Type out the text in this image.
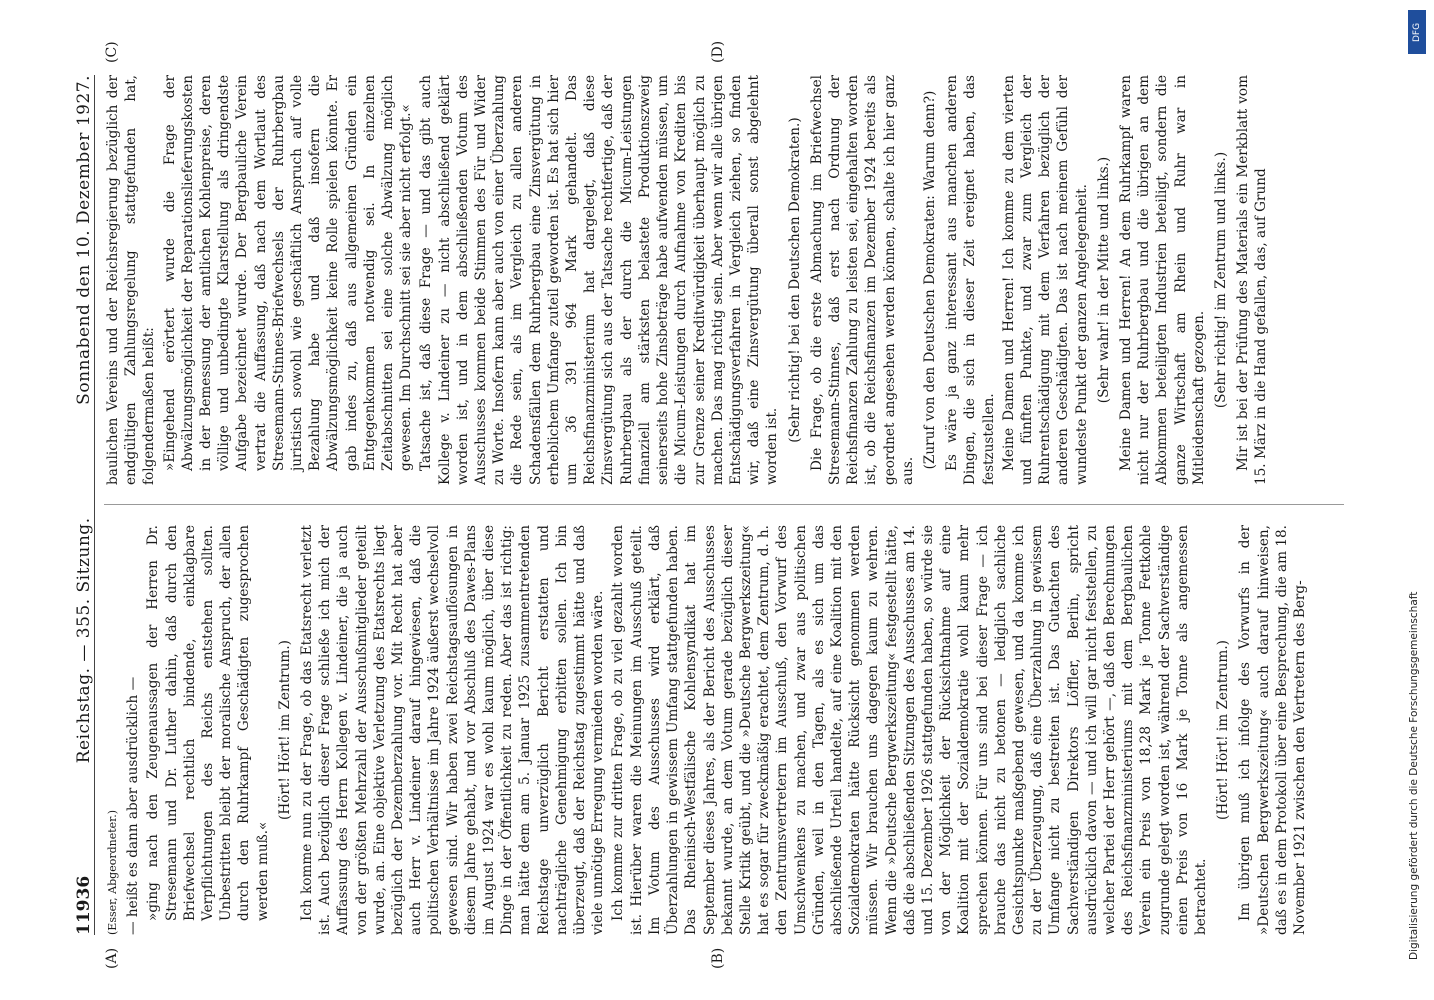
11936
Reichstag. — 355. Sitzung.
Sonnabend den 10. Dezember 1927.

(Esser, Abgeordneter.) — heißt es dann aber ausdrücklich — »ging nach den Zeugenaussagen der Herren Dr. Stresemann und Dr. Luther dahin, daß durch den Briefwechsel rechtlich bindende, einklagbare Verpflichtungen des Reichs entstehen sollten. Unbestritten bleibt der moralische Anspruch, der allen durch den Ruhrkampf Geschädigten zugesprochen werden muß.«

(Hört! Hört! im Zentrum.) Ich komme nun zu der Frage, ob das Etatsrecht verletzt ist. Auch bezüglich dieser Frage schließe ich mich der Auffassung des Herrn Kollegen v. Lindeiner, die ja auch von der größten Mehrzahl der Ausschußmitglieder geteilt wurde, an. Eine objektive Verletzung des Etatsrechts liegt bezüglich der Dezemberzahlung vor. Mit Recht hat aber auch Herr v. Lindeiner darauf hingewiesen, daß die politischen Verhältnisse im Jahre 1924 äußerst wechselvoll gewesen sind. Wir haben zwei Reichstagsauflösungen in diesem Jahre gehabt, und vor Abschluß des Dawes-Plans im August 1924 war es wohl kaum möglich, über diese Dinge in der Öffentlichkeit zu reden. Aber das ist richtig: man hätte dem am 5. Januar 1925 zusammentretenden Reichstage unverzüglich Bericht erstatten und nachträgliche Genehmigung erbitten sollen. Ich bin überzeugt, daß der Reichstag zugestimmt hätte und daß viele unnötige Erregung vermieden worden wäre. Ich komme zur dritten Frage, ob zu viel gezahlt worden ist. Hierüber waren die Meinungen im Ausschuß geteilt. Im Votum des Ausschusses wird erklärt, daß Überzahlungen in gewissem Umfang stattgefunden haben. Das Rheinisch-Westfälische Kohlensyndikat hat im September dieses Jahres, als der Bericht des Ausschusses bekannt wurde, an dem Votum gerade bezüglich dieser Stelle Kritik geübt, und die »Deutsche Bergwerkszeitung« hat es sogar für zweckmäßig erachtet, dem Zentrum, d. h. den Zentrumsvertretern im Ausschuß, den Vorwurf des Umschwenkens zu machen, und zwar aus politischen Gründen, weil in den Tagen, als es sich um das abschließende Urteil handelte, auf eine Koalition mit den Sozialdemokraten hätte Rücksicht genommen werden müssen. Wir brauchen uns dagegen kaum zu wehren. Wenn die »Deutsche Bergwerkszeitung« festgestellt hätte, daß die abschließenden Sitzungen des Ausschusses am 14. und 15. Dezember 1926 stattgefunden haben, so würde sie von der Möglichkeit der Rücksichtnahme auf eine Koalition mit der Sozialdemokratie wohl kaum mehr sprechen können. Für uns sind bei dieser Frage — ich brauche das nicht zu betonen — lediglich sachliche Gesichtspunkte maßgebend gewesen, und da komme ich zu der Überzeugung, daß eine Überzahlung in gewissem Umfange nicht zu bestreiten ist. Das Gutachten des Sachverständigen Direktors Löffler, Berlin, spricht ausdrücklich davon — und ich will gar nicht feststellen, zu welcher Partei der Herr gehört —, daß den Berechnungen des Reichsfinanzministeriums mit dem Bergbaulichen Verein ein Preis von 18,28 Mark je Tonne Fettkohle zugrunde gelegt worden ist, während der Sachverständige einen Preis von 16 Mark je Tonne als angemessen betrachtet.

(Hört! Hört! im Zentrum.) Im übrigen muß ich infolge des Vorwurfs in der »Deutschen Bergwerkszeitung« auch darauf hinweisen, daß es in dem Protokoll über eine Besprechung, die am 18. November 1921 zwischen den Vertretern des Berg-

baulichen Vereins und der Reichsregierung bezüglich der endgültigen Zahlungsregelung stattgefunden hat, folgendermaßen heißt: »Eingehend erörtert wurde die Frage der Abwälzungsmöglichkeit der Reparationslieferungskosten in der Bemessung der amtlichen Kohlenpreise, deren völlige und unbedingte Klarstellung als dringendste Aufgabe bezeichnet wurde. Der Bergbauliche Verein vertrat die Auffassung, daß nach dem Wortlaut des Stresemann-Stinnes-Briefwechsels der Ruhrbergbau juristisch sowohl wie geschäftlich Anspruch auf volle Bezahlung habe und daß insofern die Abwälzungsmöglichkeit keine Rolle spielen könnte. Er gab indes zu, daß aus allgemeinen Gründen ein Entgegenkommen notwendig sei. In einzelnen Zeitabschnitten sei eine solche Abwälzung möglich gewesen. Im Durchschnitt sei sie aber nicht erfolgt.« Tatsache ist, daß diese Frage — und das gibt auch Kollege v. Lindeiner zu — nicht abschließend geklärt worden ist, und in dem abschließenden Votum des Ausschusses kommen beide Stimmen des Für und Wider zu Worte. Insofern kann aber auch von einer Überzahlung die Rede sein, als im Vergleich zu allen anderen Schadensfällen dem Ruhrbergbau eine Zinsvergütung in erheblichem Umfange zuteil geworden ist. Es hat sich hier um 36 391 964 Mark gehandelt. Das Reichsfinanzministerium hat dargelegt, daß diese Zinsvergütung sich aus der Tatsache rechtfertige, daß der Ruhrbergbau als der durch die Micum-Leistungen finanziell am stärksten belastete Produktionszweig seinerseits hohe Zinsbeträge habe aufwenden müssen, um die Micum-Leistungen durch Aufnahme von Krediten bis zur Grenze seiner Kreditwürdigkeit überhaupt möglich zu machen. Das mag richtig sein. Aber wenn wir alle übrigen Entschädigungsverfahren in Vergleich ziehen, so finden wir, daß eine Zinsvergütung überall sonst abgelehnt worden ist.

(Sehr richtig! bei den Deutschen Demokraten.) Die Frage, ob die erste Abmachung im Briefwechsel Stresemann-Stinnes, daß erst nach Ordnung der Reichsfinanzen Zahlung zu leisten sei, eingehalten worden ist, ob die Reichsfinanzen im Dezember 1924 bereits als geordnet angesehen werden können, schalte ich hier ganz aus.

(Zuruf von den Deutschen Demokraten: Warum denn?) Es wäre ja ganz interessant aus manchen anderen Dingen, die sich in dieser Zeit ereignet haben, das festzustellen. Meine Damen und Herren! Ich komme zu dem vierten und fünften Punkte, und zwar zum Vergleich der Ruhrentschädigung mit dem Verfahren bezüglich der anderen Geschädigten. Das ist nach meinem Gefühl der wundeste Punkt der ganzen Angelegenheit. (Sehr wahr! in der Mitte und links.) Meine Damen und Herren! An dem Ruhrkampf waren nicht nur der Ruhrbergbau und die übrigen an dem Abkommen beteiligten Industrien beteiligt, sondern die ganze Wirtschaft am Rhein und Ruhr war in Mitleidenschaft gezogen. (Sehr richtig! im Zentrum und links.) Mir ist bei der Prüfung des Materials ein Merkblatt vom 15. März in die Hand gefallen, das, auf Grund

(A)	(B)
(C)	(D)
DFG
Digitalisierung gefördert durch die Deutsche Forschungsgemeinschaft
